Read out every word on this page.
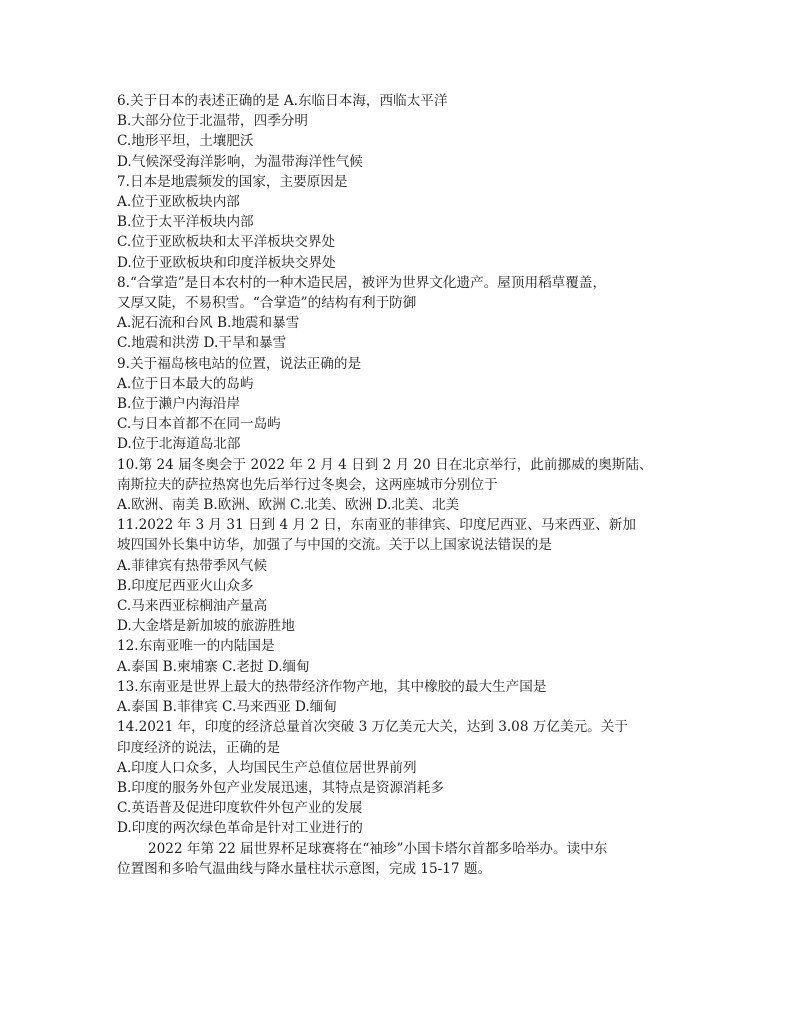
6.关于日本的表述正确的是 A.东临日本海，西临太平洋
B.大部分位于北温带，四季分明
C.地形平坦，土壤肥沃
D.气候深受海洋影响，为温带海洋性气候
7.日本是地震频发的国家，主要原因是
A.位于亚欧板块内部
B.位于太平洋板块内部
C.位于亚欧板块和太平洋板块交界处
D.位于亚欧板块和印度洋板块交界处
8.“合掌造”是日本农村的一种木造民居，被评为世界文化遗产。屋顶用稻草覆盖，
又厚又陡，不易积雪。“合掌造”的结构有利于防御
A.泥石流和台风 B.地震和暴雪
C.地震和洪涝 D.干旱和暴雪
9.关于福岛核电站的位置，说法正确的是
A.位于日本最大的岛屿
B.位于濑户内海沿岸
C.与日本首都不在同一岛屿
D.位于北海道岛北部
10.第 24 届冬奥会于 2022 年 2 月 4 日到 2 月 20 日在北京举行，此前挪威的奥斯陆、
南斯拉夫的萨拉热窝也先后举行过冬奥会，这两座城市分别位于
A.欧洲、南美 B.欧洲、欧洲 C.北美、欧洲 D.北美、北美
11.2022 年 3 月 31 日到 4 月 2 日，东南亚的菲律宾、印度尼西亚、马来西亚、新加
坡四国外长集中访华，加强了与中国的交流。关于以上国家说法错误的是
A.菲律宾有热带季风气候
B.印度尼西亚火山众多
C.马来西亚棕榈油产量高
D.大金塔是新加坡的旅游胜地
12.东南亚唯一的内陆国是
A.泰国 B.柬埔寨 C.老挝 D.缅甸
13.东南亚是世界上最大的热带经济作物产地，其中橡胶的最大生产国是
A.泰国 B.菲律宾 C.马来西亚 D.缅甸
14.2021 年，印度的经济总量首次突破 3 万亿美元大关，达到 3.08 万亿美元。关于
印度经济的说法，正确的是
A.印度人口众多，人均国民生产总值位居世界前列
B.印度的服务外包产业发展迅速，其特点是资源消耗多
C.英语普及促进印度软件外包产业的发展
D.印度的两次绿色革命是针对工业进行的
2022 年第 22 届世界杯足球赛将在“袖珍”小国卡塔尔首都多哈举办。读中东
位置图和多哈气温曲线与降水量柱状示意图，完成 15-17 题。
